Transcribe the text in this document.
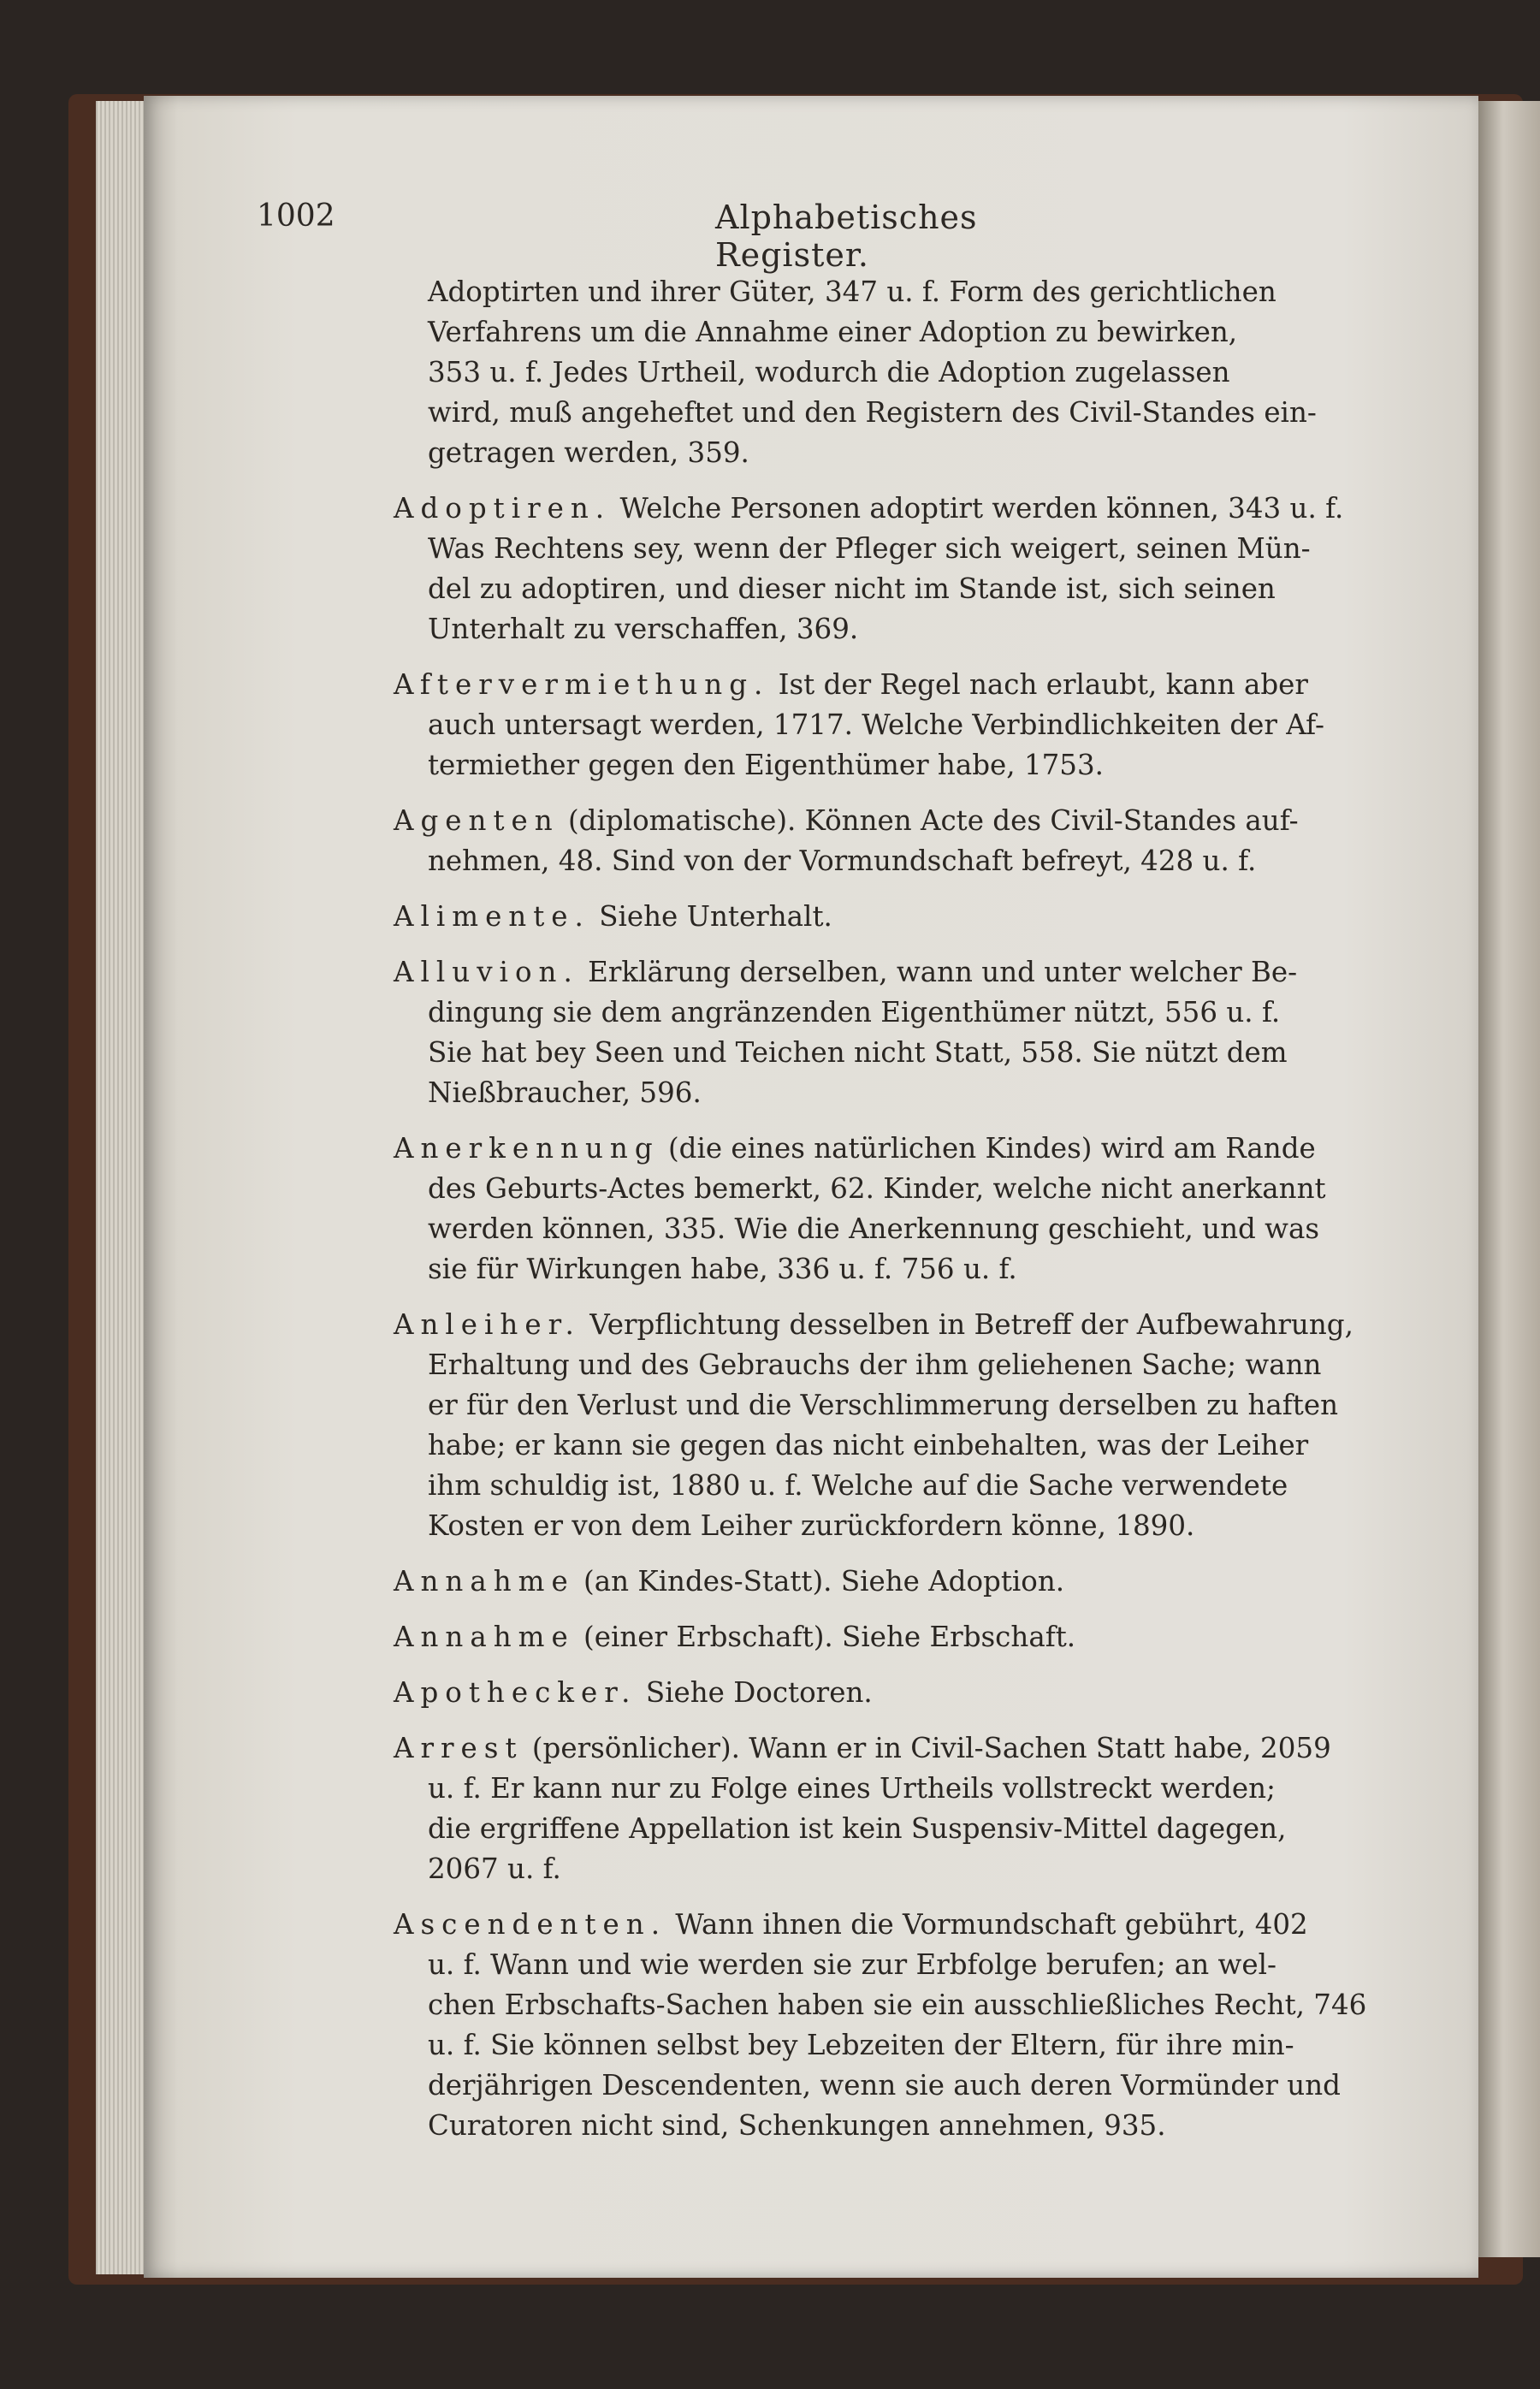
1002	Alphabetisches Register.
Adoptirten und ihrer Güter, 347 u. f. Form des gerichtlichen
Verfahrens um die Annahme einer Adoption zu bewirken,
353 u. f. Jedes Urtheil, wodurch die Adoption zugelassen
wird, muß angeheftet und den Registern des Civil-Standes ein-
getragen werden, 359.
Adoptiren. Welche Personen adoptirt werden können, 343 u. f.
Was Rechtens sey, wenn der Pfleger sich weigert, seinen Mün-
del zu adoptiren, und dieser nicht im Stande ist, sich seinen
Unterhalt zu verschaffen, 369.
Aftervermiethung. Ist der Regel nach erlaubt, kann aber
auch untersagt werden, 1717. Welche Verbindlichkeiten der Af-
termiether gegen den Eigenthümer habe, 1753.
Agenten (diplomatische). Können Acte des Civil-Standes auf-
nehmen, 48. Sind von der Vormundschaft befreyt, 428 u. f.
Alimente. Siehe Unterhalt.
Alluvion. Erklärung derselben, wann und unter welcher Be-
dingung sie dem angränzenden Eigenthümer nützt, 556 u. f.
Sie hat bey Seen und Teichen nicht Statt, 558. Sie nützt dem
Nießbraucher, 596.
Anerkennung (die eines natürlichen Kindes) wird am Rande
des Geburts-Actes bemerkt, 62. Kinder, welche nicht anerkannt
werden können, 335. Wie die Anerkennung geschieht, und was
sie für Wirkungen habe, 336 u. f. 756 u. f.
Anleiher. Verpflichtung desselben in Betreff der Aufbewahrung,
Erhaltung und des Gebrauchs der ihm geliehenen Sache; wann
er für den Verlust und die Verschlimmerung derselben zu haften
habe; er kann sie gegen das nicht einbehalten, was der Leiher
ihm schuldig ist, 1880 u. f. Welche auf die Sache verwendete
Kosten er von dem Leiher zurückfordern könne, 1890.
Annahme (an Kindes-Statt). Siehe Adoption.
Annahme (einer Erbschaft). Siehe Erbschaft.
Apothecker. Siehe Doctoren.
Arrest (persönlicher). Wann er in Civil-Sachen Statt habe, 2059
u. f. Er kann nur zu Folge eines Urtheils vollstreckt werden;
die ergriffene Appellation ist kein Suspensiv-Mittel dagegen,
2067 u. f.
Ascendenten. Wann ihnen die Vormundschaft gebührt, 402
u. f. Wann und wie werden sie zur Erbfolge berufen; an wel-
chen Erbschafts-Sachen haben sie ein ausschließliches Recht, 746
u. f. Sie können selbst bey Lebzeiten der Eltern, für ihre min-
derjährigen Descendenten, wenn sie auch deren Vormünder und
Curatoren nicht sind, Schenkungen annehmen, 935.
